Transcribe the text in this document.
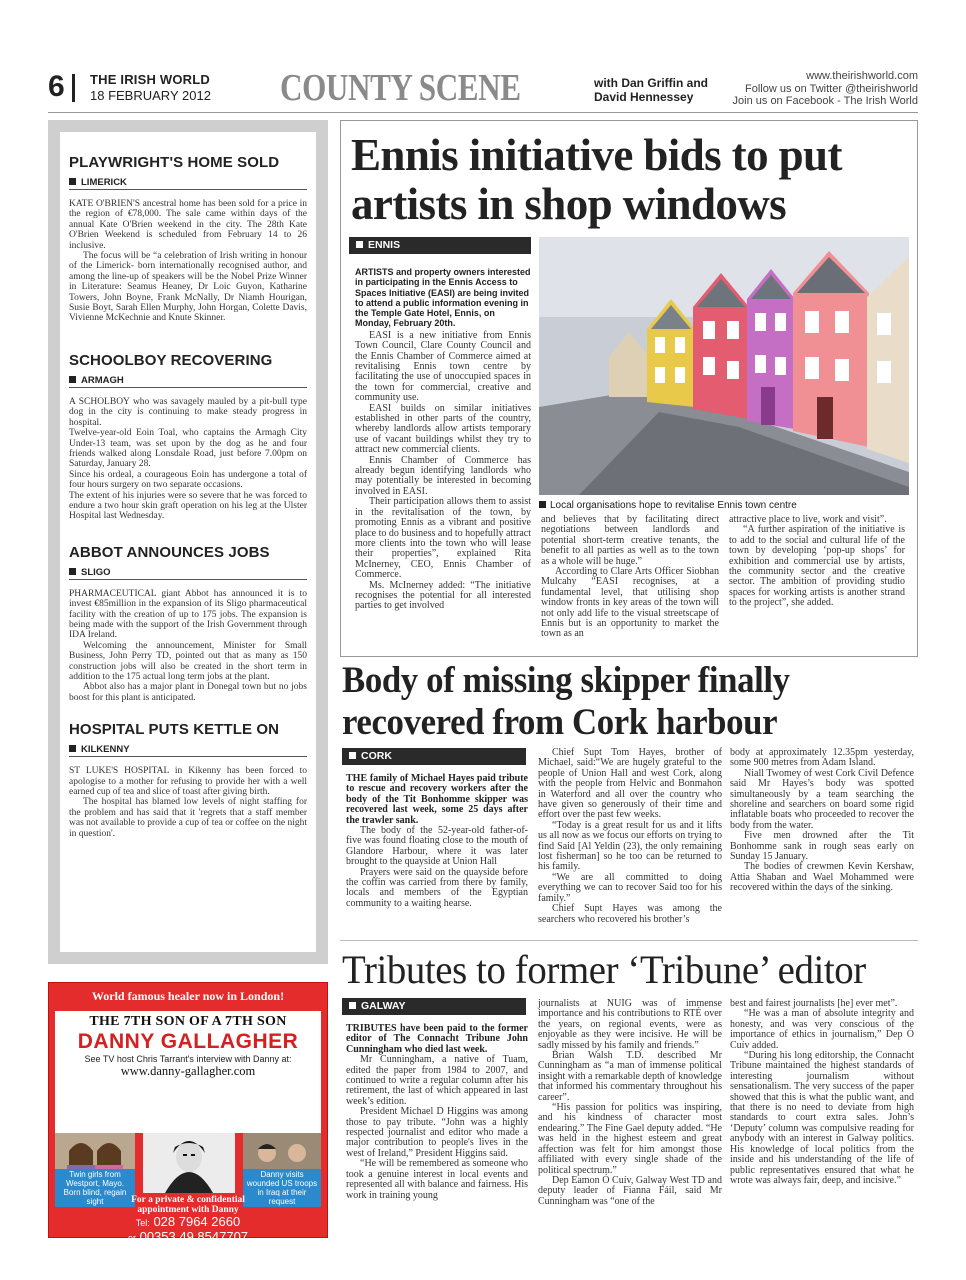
6 THE IRISH WORLD
18 FEBRUARY 2012 COUNTY SCENE	with Dan Griffin and
David Hennessey
www.theirishworld.com
Follow us on Twitter @theirishworld
Join us on Facebook - The Irish World
PLAYWRIGHT'S HOME SOLD
LIMERICK

KATE O'BRIEN'S ancestral home has been sold for a price in the region of €78,000. The sale came within days of the annual Kate O'Brien weekend in the city. The 28th Kate O'Brien Weekend is scheduled from February 14 to 26 inclusive.

The focus will be “a celebration of Irish writing in honour of the Limerick- born internationally recognised author, and among the line-up of speakers will be the Nobel Prize Winner in Literature: Seamus Heaney, Dr Loic Guyon, Katharine Towers, John Boyne, Frank McNally, Dr Niamh Hourigan, Susie Boyt, Sarah Ellen Murphy, John Horgan, Colette Davis, Vivienne McKechnie and Knute Skinner.

SCHOOLBOY RECOVERING
ARMAGH

A SCHOLBOY who was savagely mauled by a pit-bull type dog in the city is continuing to make steady progress in hospital.

Twelve-year-old Eoin Toal, who captains the Armagh City Under-13 team, was set upon by the dog as he and four friends walked along Lonsdale Road, just before 7.00pm on Saturday, January 28.

Since his ordeal, a courageous Eoin has undergone a total of four hours surgery on two separate occasions.

The extent of his injuries were so severe that he was forced to endure a two hour skin graft operation on his leg at the Ulster Hospital last Wednesday.

ABBOT ANNOUNCES JOBS
SLIGO

PHARMACEUTICAL giant Abbot has announced it is to invest €85million in the expansion of its Sligo pharmaceutical facility with the creation of up to 175 jobs. The expansion is being made with the support of the Irish Government through IDA Ireland.

Welcoming the announcement, Minister for Small Business, John Perry TD, pointed out that as many as 150 construction jobs will also be created in the short term in addition to the 175 actual long term jobs at the plant.

Abbot also has a major plant in Donegal town but no jobs boost for this plant is anticipated.

HOSPITAL PUTS KETTLE ON
KILKENNY

ST LUKE'S HOSPITAL in Kikenny has been forced to apologise to a mother for refusing to provide her with a well earned cup of tea and slice of toast after giving birth.

The hospital has blamed low levels of night staffing for the problem and has said that it 'regrets that a staff member was not available to provide a cup of tea or coffee on the night in question'.

World famous healer now in London!
THE 7TH SON OF A 7TH SON
DANNY GALLAGHER
See TV host Chris Tarrant's interview with Danny at:
www.danny-gallagher.com
Twin girls from Westport, Mayo. Born blind, regain sight
Danny visits wounded US troops in Iraq at their request
For a private & confidential
appointment with Danny
Tel: 028 7964 2660
or 00353 49 8547707
Ennis initiative bids to put artists in shop windows
ENNIS

ARTISTS and property owners interested in participating in the Ennis Access to Spaces Initiative (EASI) are being invited to attend a public information evening in the Temple Gate Hotel, Ennis, on Monday, February 20th.

EASI is a new initiative from Ennis Town Council, Clare County Council and the Ennis Chamber of Commerce aimed at revitalising Ennis town centre by facilitating the use of unoccupied spaces in the town for commercial, creative and community use.

EASI builds on similar initiatives established in other parts of the country, whereby landlords allow artists temporary use of vacant buildings whilst they try to attract new commercial clients.

Ennis Chamber of Commerce has already begun identifying landlords who may potentially be interested in becoming involved in EASI.

Their participation allows them to assist in the revitalisation of the town, by promoting Ennis as a vibrant and positive place to do business and to hopefully attract more clients into the town who will lease their properties”, explained Rita McInerney, CEO, Ennis Chamber of Commerce.

Ms. McInerney added: “The initiative recognises the potential for all interested parties to get involved

Local organisations hope to revitalise Ennis town centre

and believes that by facilitating direct negotiations between landlords and potential short-term creative tenants, the benefit to all parties as well as to the town as a whole will be huge.”

According to Clare Arts Officer Siobhan Mulcahy “EASI recognises, at a fundamental level, that utilising shop window fronts in key areas of the town will not only add life to the visual streetscape of Ennis but is an opportunity to market the town as an

attractive place to live, work and visit”.

“A further aspiration of the initiative is to add to the social and cultural life of the town by developing ‘pop-up shops’ for exhibition and commercial use by artists, the community sector and the creative sector. The ambition of providing studio spaces for working artists is another strand to the project”, she added.

Body of missing skipper finally
recovered from Cork harbour
CORK

THE family of Michael Hayes paid tribute to rescue and recovery workers after the body of the Tit Bonhomme skipper was recovered last week, some 25 days after the trawler sank.

The body of the 52-year-old father-of-five was found floating close to the mouth of Glandore Harbour, where it was later brought to the quayside at Union Hall

Prayers were said on the quayside before the coffin was carried from there by family, locals and members of the Egyptian community to a waiting hearse.

Chief Supt Tom Hayes, brother of Michael, said:“We are hugely grateful to the people of Union Hall and west Cork, along with the people from Helvic and Bonmahon in Waterford and all over the country who have given so generously of their time and effort over the past few weeks.

“Today is a great result for us and it lifts us all now as we focus our efforts on trying to find Said [Al Yeldin (23), the only remaining lost fisherman] so he too can be returned to his family.

“We are all committed to doing everything we can to recover Said too for his family.”

Chief Supt Hayes was among the searchers who recovered his brother’s

body at approximately 12.35pm yesterday, some 900 metres from Adam Island.

Niall Twomey of west Cork Civil Defence said Mr Hayes’s body was spotted simultaneously by a team searching the shoreline and searchers on board some rigid inflatable boats who proceeded to recover the body from the water.

Five men drowned after the Tit Bonhomme sank in rough seas early on Sunday 15 January.

The bodies of crewmen Kevin Kershaw, Attia Shaban and Wael Mohammed were recovered within the days of the sinking.

Tributes to former ‘Tribune’ editor
GALWAY

TRIBUTES have been paid to the former editor of The Connacht Tribune John Cunningham who died last week.

Mr Cunningham, a native of Tuam, edited the paper from 1984 to 2007, and continued to write a regular column after his retirement, the last of which appeared in last week’s edition.

President Michael D Higgins was among those to pay tribute. “John was a highly respected journalist and editor who made a major contribution to people's lives in the west of Ireland,” President Higgins said.

“He will be remembered as someone who took a genuine interest in local events and represented all with balance and fairness. His work in training young

journalists at NUIG was of immense importance and his contributions to RTÉ over the years, on regional events, were as enjoyable as they were incisive. He will be sadly missed by his family and friends.”

Brian Walsh T.D. described Mr Cunningham as “a man of immense political insight with a remarkable depth of knowledge that informed his commentary throughout his career”.

“His passion for politics was inspiring, and his kindness of character most endearing.” The Fine Gael deputy added. “He was held in the highest esteem and great affection was felt for him amongst those affiliated with every single shade of the political spectrum.”

Dep Eamon Ó Cuív, Galway West TD and deputy leader of Fianna Fáil, said Mr Cunningham was “one of the

best and fairest journalists [he] ever met”.

“He was a man of absolute integrity and honesty, and was very conscious of the importance of ethics in journalism,” Dep Ó Cuív added.

“During his long editorship, the Connacht Tribune maintained the highest standards of interesting journalism without sensationalism. The very success of the paper showed that this is what the public want, and that there is no need to deviate from high standards to court extra sales. John’s ‘Deputy’ column was compulsive reading for anybody with an interest in Galway politics. His knowledge of local politics from the inside and his understanding of the life of public representatives ensured that what he wrote was always fair, deep, and incisive.”
